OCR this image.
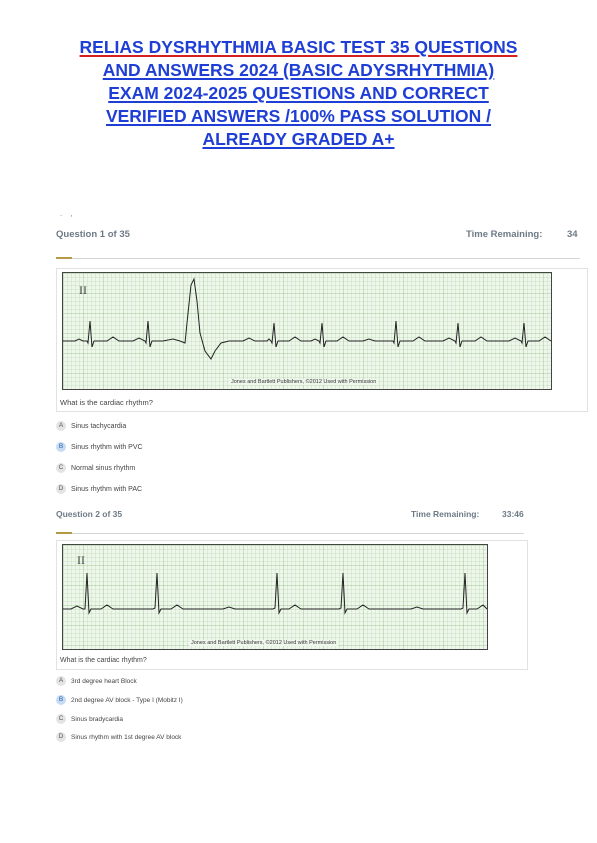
RELIAS DYSRHYTHMIA BASIC TEST 35 QUESTIONS
AND ANSWERS 2024 (BASIC ADYSRHYTHMIA)
EXAM 2024-2025 QUESTIONS AND CORRECT
VERIFIED ANSWERS /100% PASS SOLUTION /
ALREADY GRADED A+
. ,
Question 1 of 35	Time Remaining:	34
II
Jones and Bartlett Publishers, ©2012 Used with Permission
What is the cardiac rhythm?
A	Sinus tachycardia
B	Sinus rhythm with PVC
C	Normal sinus rhythm
D	Sinus rhythm with PAC
Question 2 of 35	Time Remaining:	33:46
II
Jones and Bartlett Publishers, ©2012 Used with Permission
What is the cardiac rhythm?
A	3rd degree heart Block
B	2nd degree AV block - Type I (Mobitz I)
C	Sinus bradycardia
D	Sinus rhythm with 1st degree AV block
